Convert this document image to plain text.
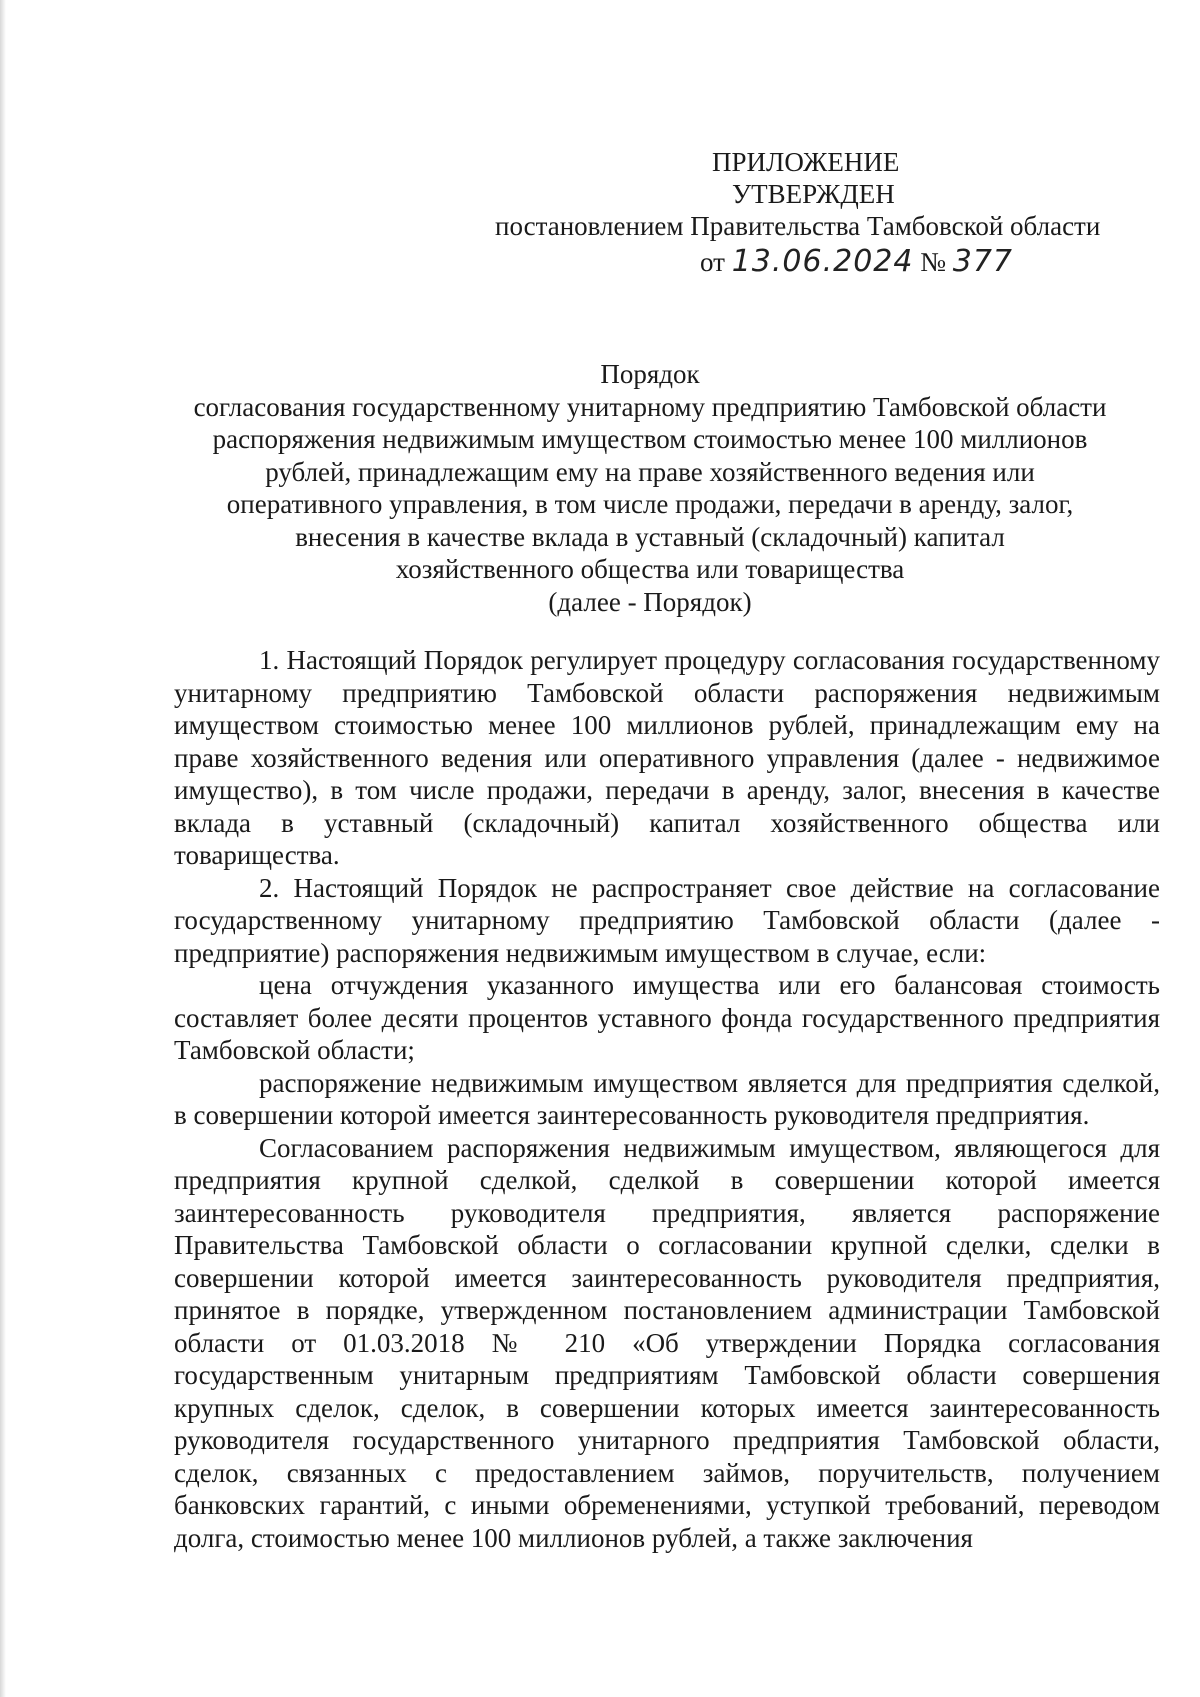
ПРИЛОЖЕНИЕ
УТВЕРЖДЕН
постановлением Правительства Тамбовской области
от 13.06.2024 № 377
Порядок
согласования государственному унитарному предприятию Тамбовской области
распоряжения недвижимым имуществом стоимостью менее 100 миллионов
рублей, принадлежащим ему на праве хозяйственного ведения или
оперативного управления, в том числе продажи, передачи в аренду, залог,
внесения в качестве вклада в уставный (складочный) капитал
хозяйственного общества или товарищества
(далее - Порядок)

1. Настоящий Порядок регулирует процедуру согласования государственному унитарному предприятию Тамбовской области распоряжения недвижимым имуществом стоимостью менее 100 миллионов рублей, принадлежащим ему на праве хозяйственного ведения или оперативного управления (далее - недвижимое имущество), в том числе продажи, передачи в аренду, залог, внесения в качестве вклада в уставный (складочный) капитал хозяйственного общества или товарищества.

2. Настоящий Порядок не распространяет свое действие на согласование государственному унитарному предприятию Тамбовской области (далее - предприятие) распоряжения недвижимым имуществом в случае, если:

цена отчуждения указанного имущества или его балансовая стоимость составляет более десяти процентов уставного фонда государственного предприятия Тамбовской области;

распоряжение недвижимым имуществом является для предприятия сделкой, в совершении которой имеется заинтересованность руководителя предприятия.

Согласованием распоряжения недвижимым имуществом, являющегося для предприятия крупной сделкой, сделкой в совершении которой имеется заинтересованность руководителя предприятия, является распоряжение Правительства Тамбовской области о согласовании крупной сделки, сделки в совершении которой имеется заинтересованность руководителя предприятия, принятое в порядке, утвержденном постановлением администрации Тамбовской области от 01.03.2018 № 210 «Об утверждении Порядка согласования государственным унитарным предприятиям Тамбовской области совершения крупных сделок, сделок, в совершении которых имеется заинтересованность руководителя государственного унитарного предприятия Тамбовской области, сделок, связанных с предоставлением займов, поручительств, получением банковских гарантий, с иными обременениями, уступкой требований, переводом долга, стоимостью менее 100 миллионов рублей, а также заключения
